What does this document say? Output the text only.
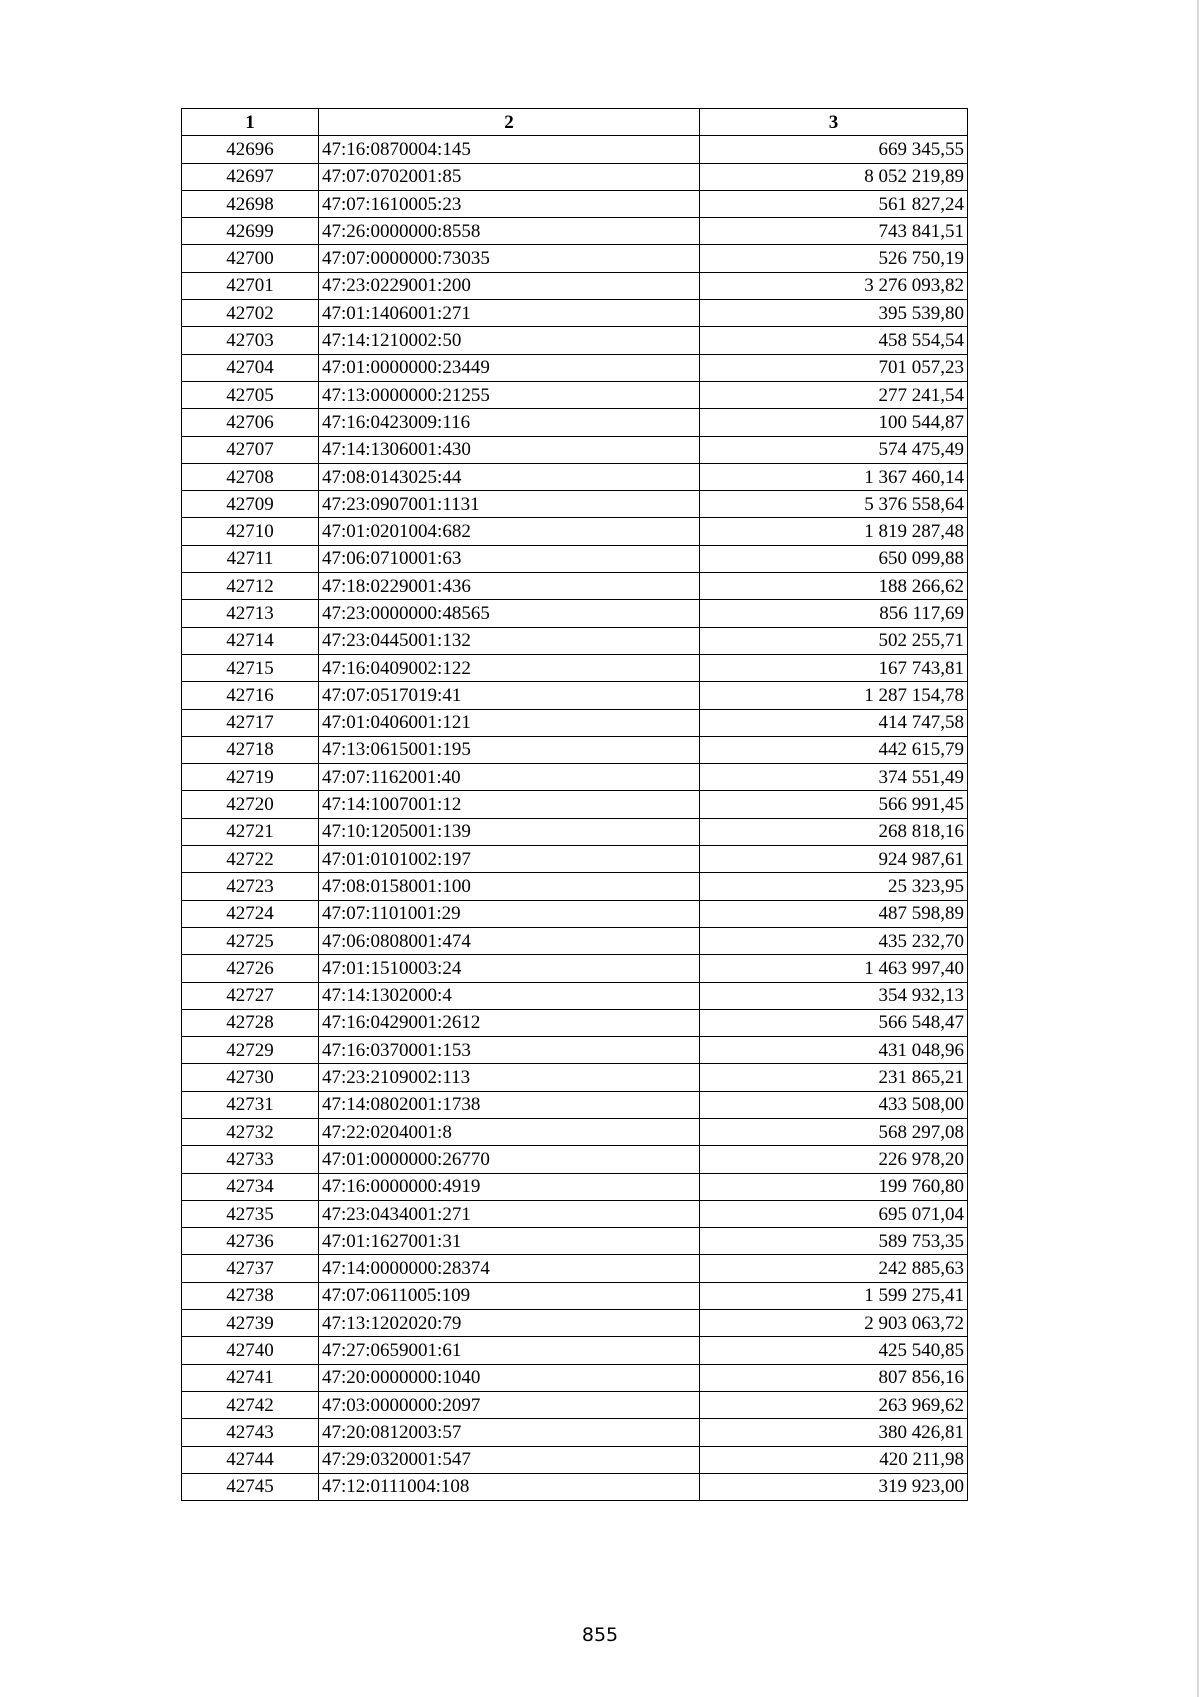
1	2	3
42696	47:16:0870004:145	669 345,55
42697	47:07:0702001:85	8 052 219,89
42698	47:07:1610005:23	561 827,24
42699	47:26:0000000:8558	743 841,51
42700	47:07:0000000:73035	526 750,19
42701	47:23:0229001:200	3 276 093,82
42702	47:01:1406001:271	395 539,80
42703	47:14:1210002:50	458 554,54
42704	47:01:0000000:23449	701 057,23
42705	47:13:0000000:21255	277 241,54
42706	47:16:0423009:116	100 544,87
42707	47:14:1306001:430	574 475,49
42708	47:08:0143025:44	1 367 460,14
42709	47:23:0907001:1131	5 376 558,64
42710	47:01:0201004:682	1 819 287,48
42711	47:06:0710001:63	650 099,88
42712	47:18:0229001:436	188 266,62
42713	47:23:0000000:48565	856 117,69
42714	47:23:0445001:132	502 255,71
42715	47:16:0409002:122	167 743,81
42716	47:07:0517019:41	1 287 154,78
42717	47:01:0406001:121	414 747,58
42718	47:13:0615001:195	442 615,79
42719	47:07:1162001:40	374 551,49
42720	47:14:1007001:12	566 991,45
42721	47:10:1205001:139	268 818,16
42722	47:01:0101002:197	924 987,61
42723	47:08:0158001:100	25 323,95
42724	47:07:1101001:29	487 598,89
42725	47:06:0808001:474	435 232,70
42726	47:01:1510003:24	1 463 997,40
42727	47:14:1302000:4	354 932,13
42728	47:16:0429001:2612	566 548,47
42729	47:16:0370001:153	431 048,96
42730	47:23:2109002:113	231 865,21
42731	47:14:0802001:1738	433 508,00
42732	47:22:0204001:8	568 297,08
42733	47:01:0000000:26770	226 978,20
42734	47:16:0000000:4919	199 760,80
42735	47:23:0434001:271	695 071,04
42736	47:01:1627001:31	589 753,35
42737	47:14:0000000:28374	242 885,63
42738	47:07:0611005:109	1 599 275,41
42739	47:13:1202020:79	2 903 063,72
42740	47:27:0659001:61	425 540,85
42741	47:20:0000000:1040	807 856,16
42742	47:03:0000000:2097	263 969,62
42743	47:20:0812003:57	380 426,81
42744	47:29:0320001:547	420 211,98
42745	47:12:0111004:108	319 923,00
855
